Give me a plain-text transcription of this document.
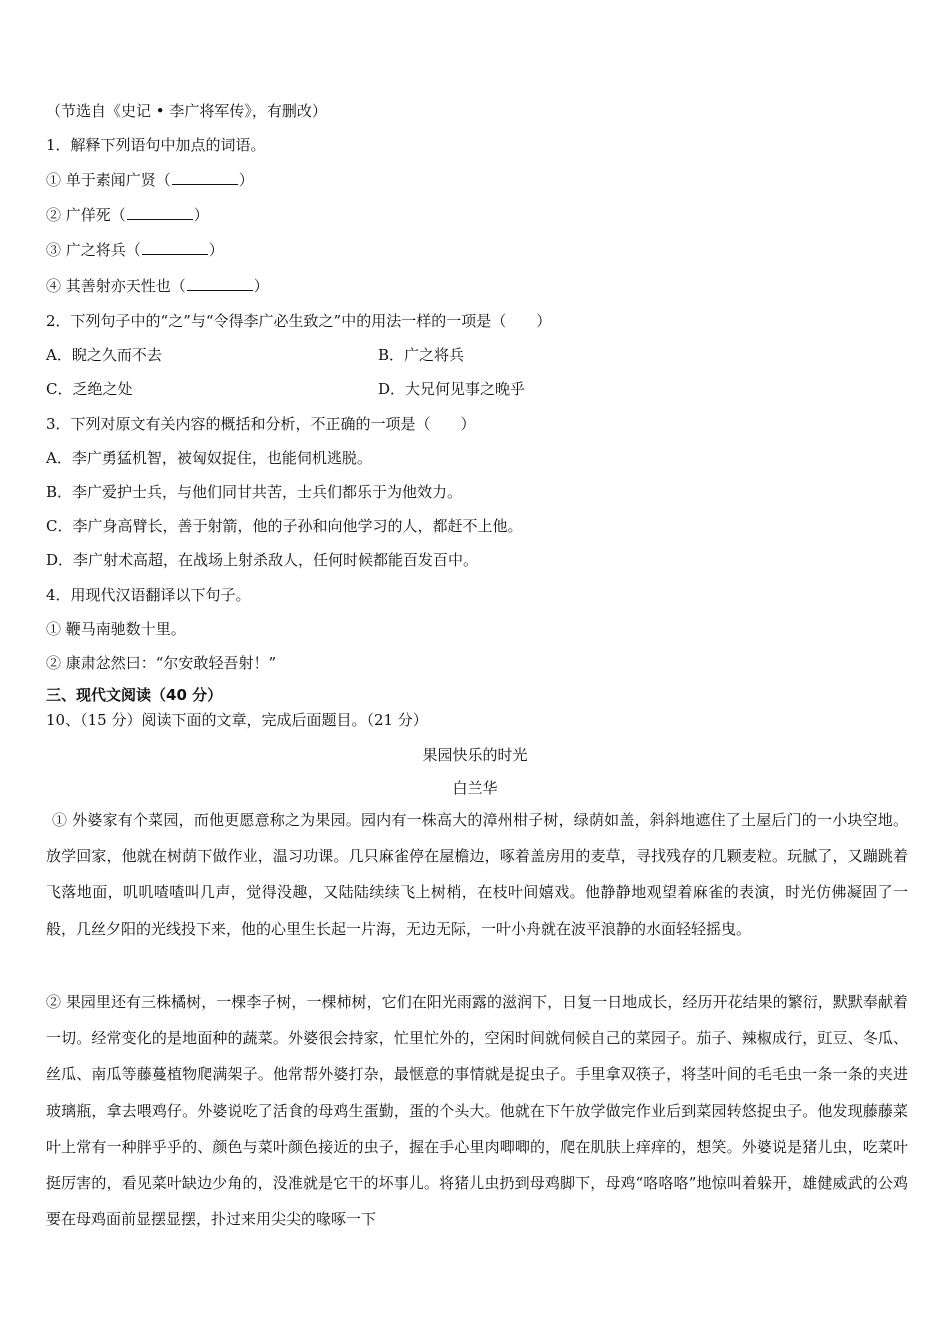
（节选自《史记 • 李广将军传》，有删改）
1．解释下列语句中加点的词语。
① 单于素闻广贤（	）
② 广佯死（	）
③ 广之将兵（	）
④ 其善射亦天性也（	）
2．下列句子中的“之”与“令得李广必生致之”中的用法一样的一项是（　　）
A．睨之久而不去	B．广之将兵
C．乏绝之处	D．大兄何见事之晚乎
3．下列对原文有关内容的概括和分析，不正确的一项是（　　）
A．李广勇猛机智，被匈奴捉住，也能伺机逃脱。
B．李广爱护士兵，与他们同甘共苦，士兵们都乐于为他效力。
C．李广身高臂长，善于射箭，他的子孙和向他学习的人，都赶不上他。
D．李广射术高超，在战场上射杀敌人，任何时候都能百发百中。
4．用现代汉语翻译以下句子。
① 鞭马南驰数十里。
② 康肃忿然曰：“尔安敢轻吾射！”
三、现代文阅读（40 分）
10、（15 分）阅读下面的文章，完成后面题目。（21 分）
果园快乐的时光
白兰华
① 外婆家有个菜园，而他更愿意称之为果园。园内有一株高大的漳州柑子树，绿荫如盖，斜斜地遮住了土屋后门的一小块空地。放学回家，他就在树荫下做作业，温习功课。几只麻雀停在屋檐边，啄着盖房用的麦草，寻找残存的几颗麦粒。玩腻了，又蹦跳着飞落地面，叽叽喳喳叫几声，觉得没趣，又陆陆续续飞上树梢，在枝叶间嬉戏。他静静地观望着麻雀的表演，时光仿佛凝固了一般，几丝夕阳的光线投下来，他的心里生长起一片海，无边无际，一叶小舟就在波平浪静的水面轻轻摇曳。
② 果园里还有三株橘树，一棵李子树，一棵柿树，它们在阳光雨露的滋润下，日复一日地成长，经历开花结果的繁衍，默默奉献着一切。经常变化的是地面种的蔬菜。外婆很会持家，忙里忙外的，空闲时间就伺候自己的菜园子。茄子、辣椒成行，豇豆、冬瓜、丝瓜、南瓜等藤蔓植物爬满架子。他常帮外婆打杂，最惬意的事情就是捉虫子。手里拿双筷子，将茎叶间的毛毛虫一条一条的夹进玻璃瓶，拿去喂鸡仔。外婆说吃了活食的母鸡生蛋勤，蛋的个头大。他就在下午放学做完作业后到菜园转悠捉虫子。他发现藤藤菜叶上常有一种胖乎乎的、颜色与菜叶颜色接近的虫子，握在手心里肉唧唧的，爬在肌肤上痒痒的，想笑。外婆说是猪儿虫，吃菜叶挺厉害的，看见菜叶缺边少角的，没准就是它干的坏事儿。将猪儿虫扔到母鸡脚下，母鸡“咯咯咯”地惊叫着躲开，雄健威武的公鸡要在母鸡面前显摆显摆，扑过来用尖尖的喙啄一下
